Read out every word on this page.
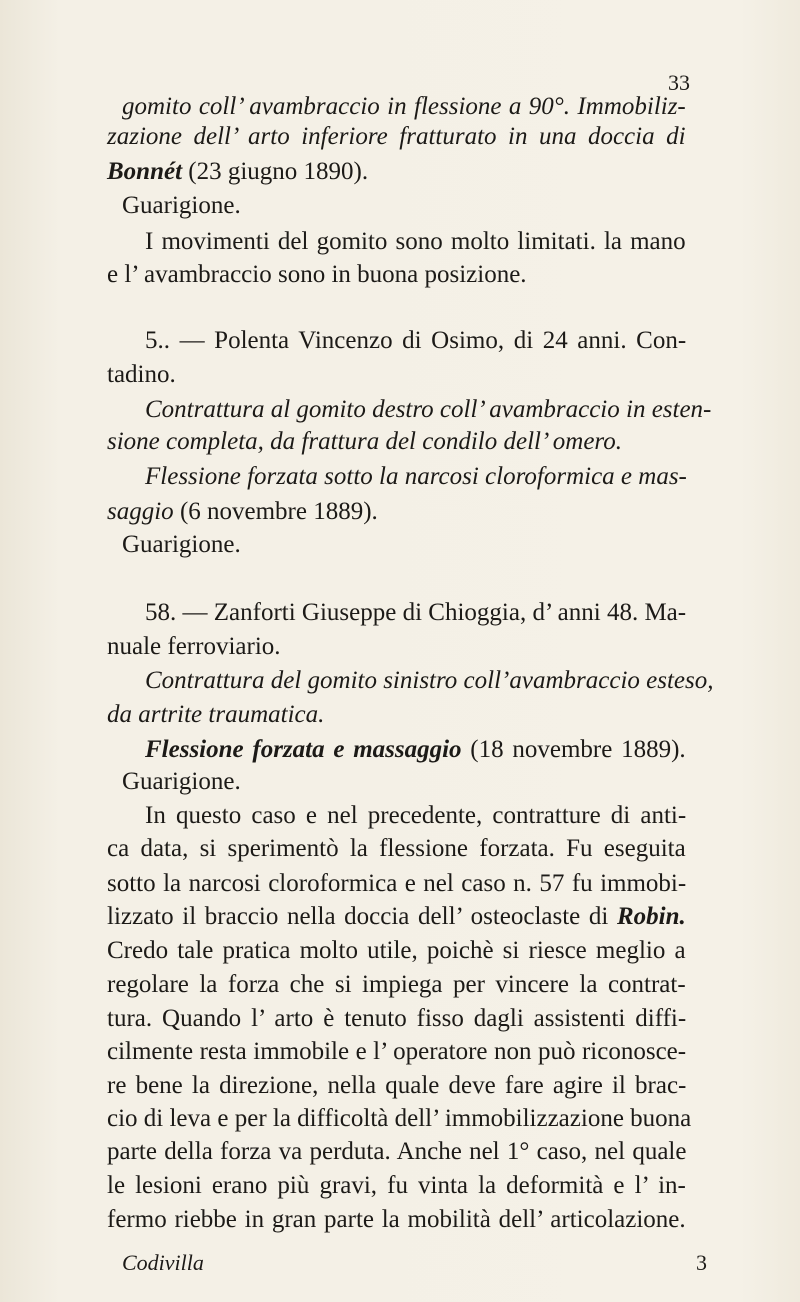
33
gomito coll’ avambraccio in flessione a 90°. Immobiliz-
zazione dell’ arto inferiore fratturato in una doccia di
Bonnét (23 giugno 1890).
Guarigione.
I movimenti del gomito sono molto limitati. la mano
e l’ avambraccio sono in buona posizione.
5.. — Polenta Vincenzo di Osimo, di 24 anni. Con-
tadino.
Contrattura al gomito destro coll’ avambraccio in esten-
sione completa, da frattura del condilo dell’ omero.
Flessione forzata sotto la narcosi cloroformica e mas-
saggio (6 novembre 1889).
Guarigione.
58. — Zanforti Giuseppe di Chioggia, d’ anni 48. Ma-
nuale ferroviario.
Contrattura del gomito sinistro coll’avambraccio esteso,
da artrite traumatica.
Flessione forzata e massaggio (18 novembre 1889).
Guarigione.
In questo caso e nel precedente, contratture di anti-
ca data, si sperimentò la flessione forzata. Fu eseguita
sotto la narcosi cloroformica e nel caso n. 57 fu immobi-
lizzato il braccio nella doccia dell’ osteoclaste di Robin.
Credo tale pratica molto utile, poichè si riesce meglio a
regolare la forza che si impiega per vincere la contrat-
tura. Quando l’ arto è tenuto fisso dagli assistenti diffi-
cilmente resta immobile e l’ operatore non può riconosce-
re bene la direzione, nella quale deve fare agire il brac-
cio di leva e per la difficoltà dell’ immobilizzazione buona
parte della forza va perduta. Anche nel 1° caso, nel quale
le lesioni erano più gravi, fu vinta la deformità e l’ in-
fermo riebbe in gran parte la mobilità dell’ articolazione.
Codivilla	3
